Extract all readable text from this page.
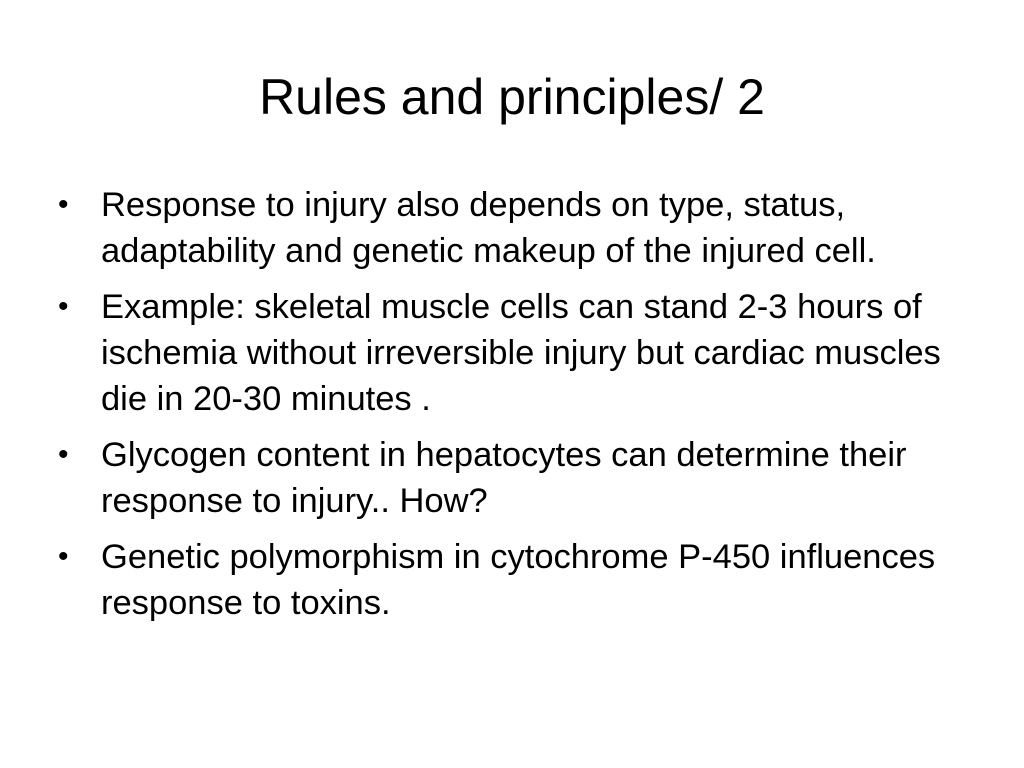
Rules and principles/ 2
• Response to injury also depends on type, status, adaptability and genetic makeup of the injured cell.
• Example: skeletal muscle cells can stand 2-3 hours of ischemia without irreversible injury but cardiac muscles die in 20-30 minutes .
• Glycogen content in hepatocytes can determine their response to injury.. How?
• Genetic polymorphism in cytochrome P-450 influences response to toxins.
